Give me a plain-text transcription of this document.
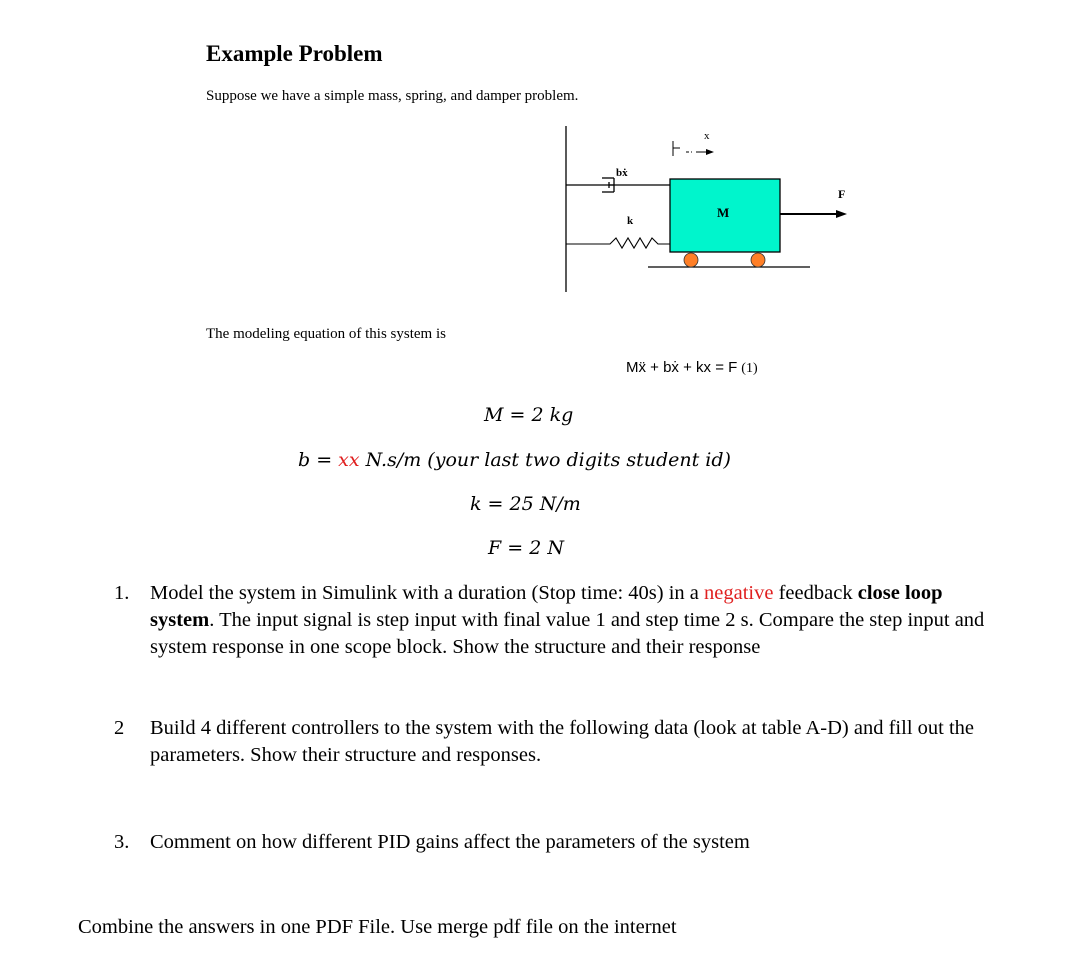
Example Problem
Suppose we have a simple mass, spring, and damper problem.
x
bẋ
k
M
F
The modeling equation of this system is
Mẍ + bẋ + kx = F (1)
M = 2 kg
b = xx N.s/m (your last two digits student id)
k = 25 N/m
F = 2 N
1. Model the system in Simulink with a duration (Stop time: 40s) in a negative feedback close loop system. The input signal is step input with final value 1 and step time 2 s. Compare the step input and system response in one scope block. Show the structure and their response
2 Build 4 different controllers to the system with the following data (look at table A-D) and fill out the parameters. Show their structure and responses.
3. Comment on how different PID gains affect the parameters of the system
Combine the answers in one PDF File. Use merge pdf file on the internet
